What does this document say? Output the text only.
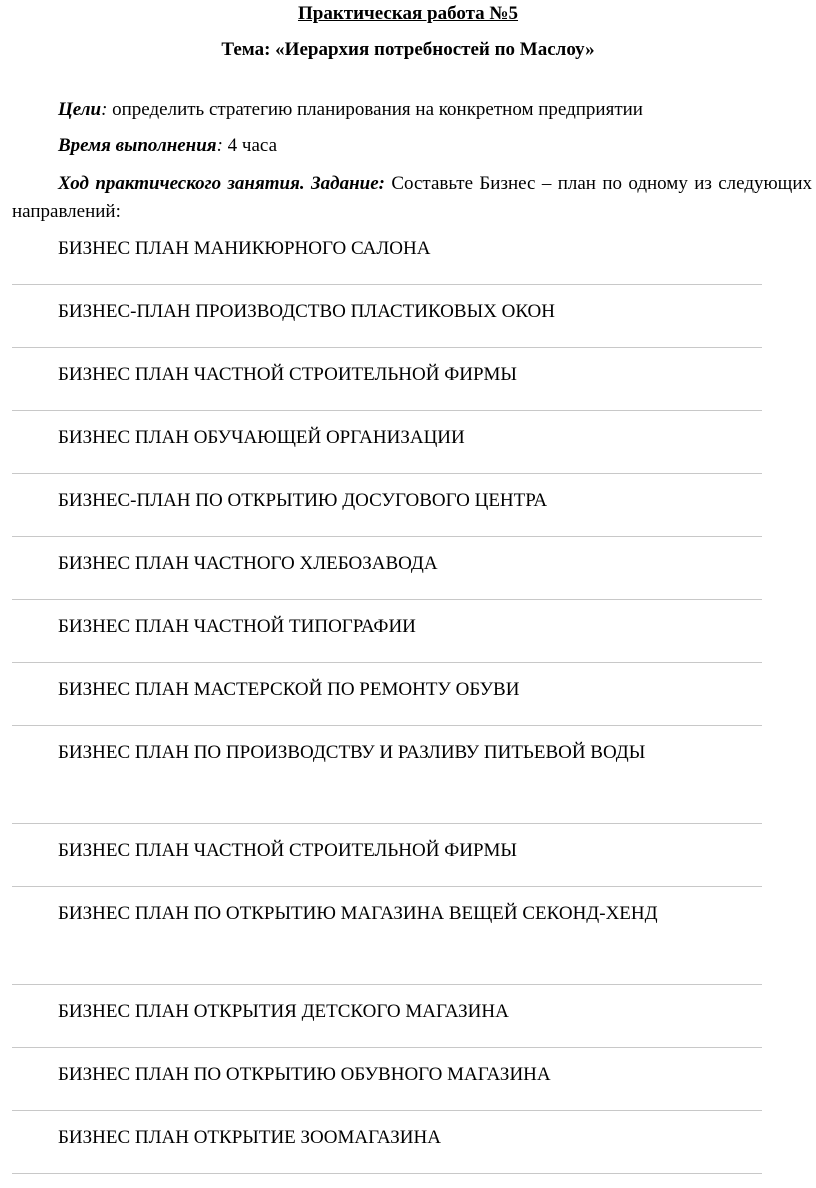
Практическая работа №5
Тема: «Иерархия потребностей по Маслоу»

Цели: определить стратегию планирования на конкретном предприятии

Время выполнения: 4 часа

Ход практического занятия. Задание: Составьте Бизнес – план по одному из следующих направлений:

БИЗНЕС ПЛАН МАНИКЮРНОГО САЛОНА
БИЗНЕС-ПЛАН ПРОИЗВОДСТВО ПЛАСТИКОВЫХ ОКОН
БИЗНЕС ПЛАН ЧАСТНОЙ СТРОИТЕЛЬНОЙ ФИРМЫ
БИЗНЕС ПЛАН ОБУЧАЮЩЕЙ ОРГАНИЗАЦИИ
БИЗНЕС-ПЛАН ПО ОТКРЫТИЮ ДОСУГОВОГО ЦЕНТРА
БИЗНЕС ПЛАН ЧАСТНОГО ХЛЕБОЗАВОДА
БИЗНЕС ПЛАН ЧАСТНОЙ ТИПОГРАФИИ
БИЗНЕС ПЛАН МАСТЕРСКОЙ ПО РЕМОНТУ ОБУВИ
БИЗНЕС ПЛАН ПО ПРОИЗВОДСТВУ И РАЗЛИВУ ПИТЬЕВОЙ ВОДЫ
БИЗНЕС ПЛАН ЧАСТНОЙ СТРОИТЕЛЬНОЙ ФИРМЫ
БИЗНЕС ПЛАН ПО ОТКРЫТИЮ МАГАЗИНА ВЕЩЕЙ СЕКОНД-ХЕНД
БИЗНЕС ПЛАН ОТКРЫТИЯ ДЕТСКОГО МАГАЗИНА
БИЗНЕС ПЛАН ПО ОТКРЫТИЮ ОБУВНОГО МАГАЗИНА
БИЗНЕС ПЛАН ОТКРЫТИЕ ЗООМАГАЗИНА
